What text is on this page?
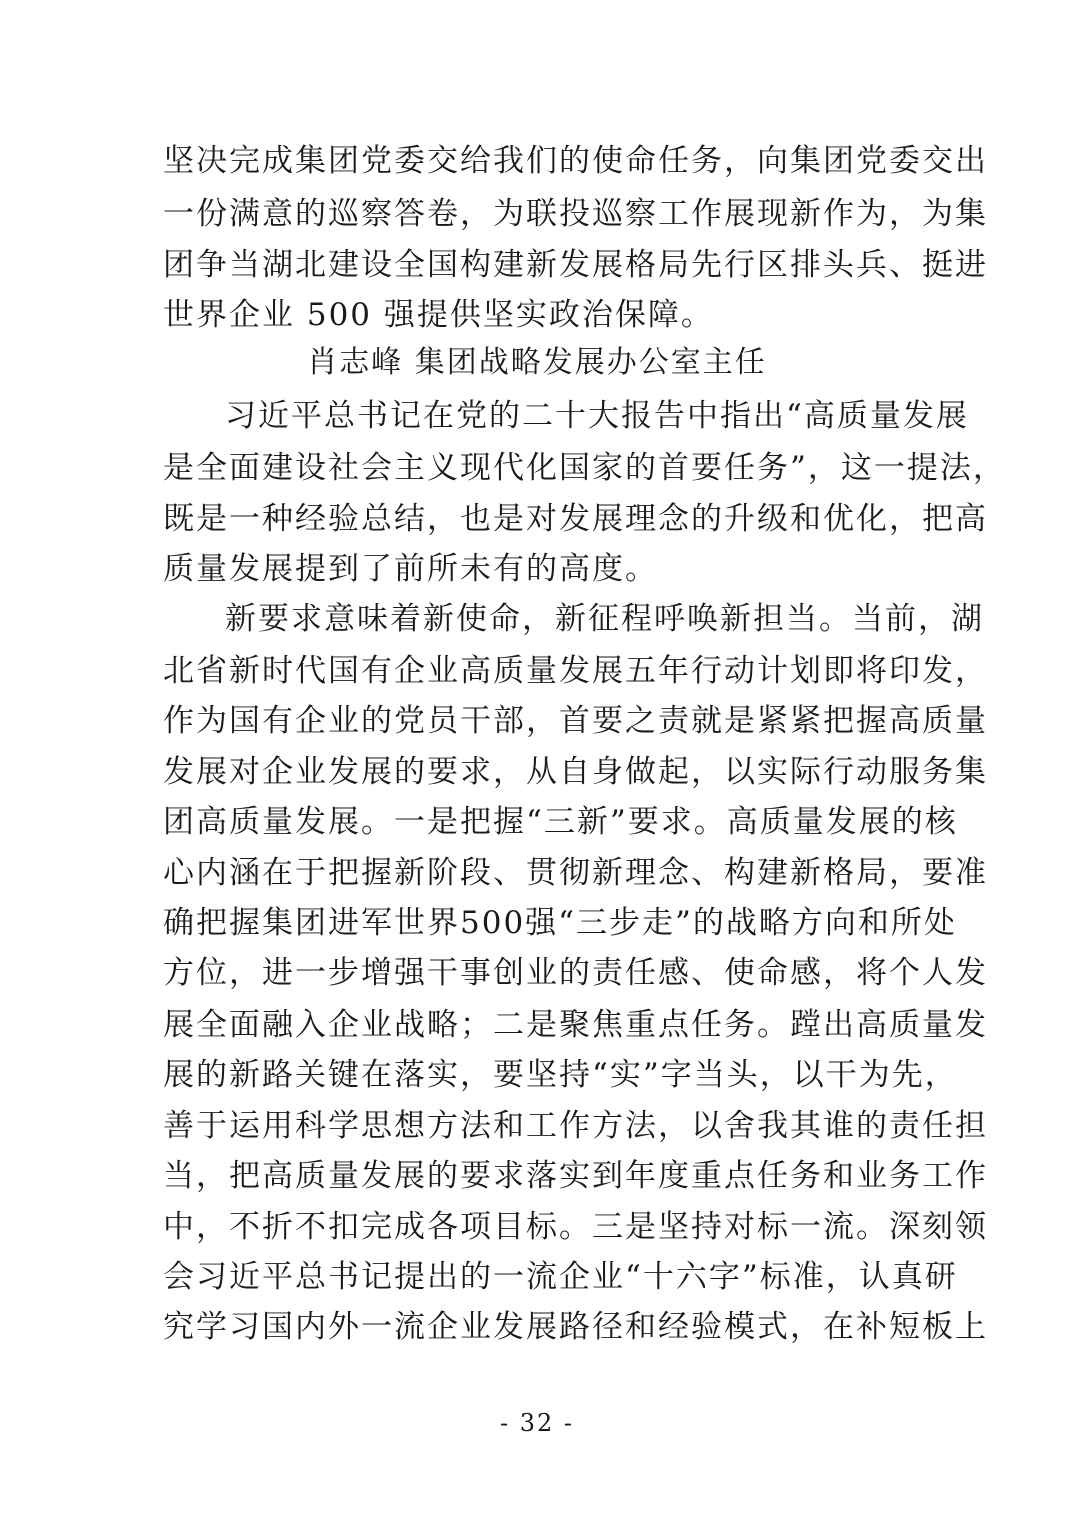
坚决完成集团党委交给我们的使命任务，向集团党委交出
一份满意的巡察答卷，为联投巡察工作展现新作为，为集
团争当湖北建设全国构建新发展格局先行区排头兵、挺进
世界企业 500 强提供坚实政治保障。
肖志峰 集团战略发展办公室主任
习近平总书记在党的二十大报告中指出“高质量发展
是全面建设社会主义现代化国家的首要任务”，这一提法，
既是一种经验总结，也是对发展理念的升级和优化，把高
质量发展提到了前所未有的高度。
新要求意味着新使命，新征程呼唤新担当。当前，湖
北省新时代国有企业高质量发展五年行动计划即将印发，
作为国有企业的党员干部，首要之责就是紧紧把握高质量
发展对企业发展的要求，从自身做起，以实际行动服务集
团高质量发展。一是把握“三新”要求。高质量发展的核
心内涵在于把握新阶段、贯彻新理念、构建新格局，要准
确把握集团进军世界500强“三步走”的战略方向和所处
方位，进一步增强干事创业的责任感、使命感，将个人发
展全面融入企业战略；二是聚焦重点任务。蹚出高质量发
展的新路关键在落实，要坚持“实”字当头，以干为先，
善于运用科学思想方法和工作方法，以舍我其谁的责任担
当，把高质量发展的要求落实到年度重点任务和业务工作
中，不折不扣完成各项目标。三是坚持对标一流。深刻领
会习近平总书记提出的一流企业“十六字”标准，认真研
究学习国内外一流企业发展路径和经验模式，在补短板上
- 32 -
